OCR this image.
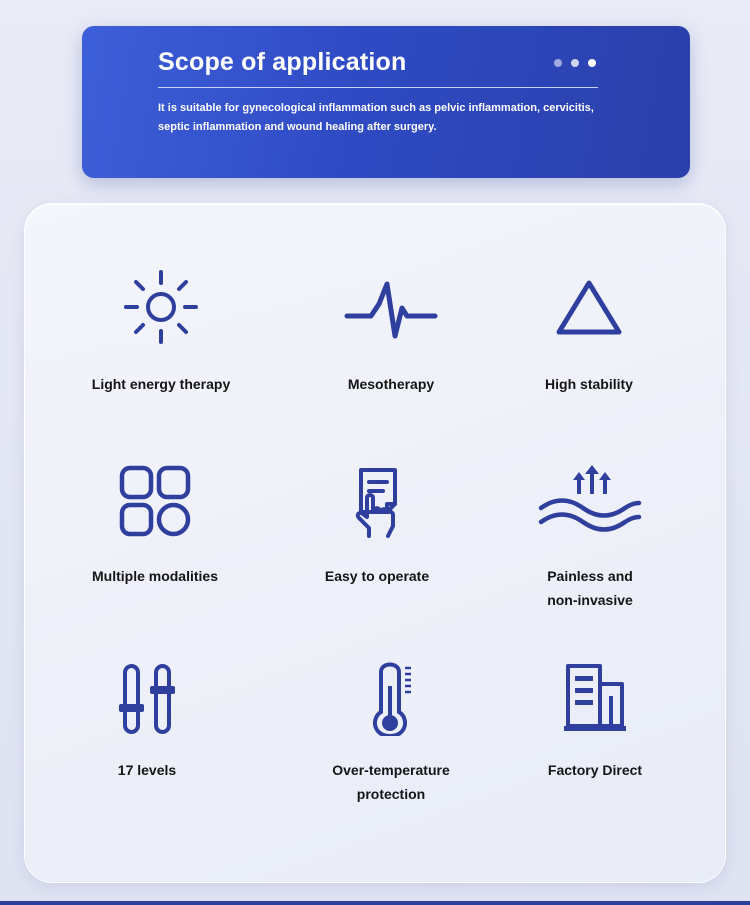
Scope of application
It is suitable for gynecological inflammation such as pelvic inflammation, cervicitis, septic inflammation and wound healing after surgery.
Light energy therapy	Mesotherapy	High stability
Multiple modalities	Easy to operate	Painless and non-invasive
17 levels	Over-temperature protection
Factory Direct
